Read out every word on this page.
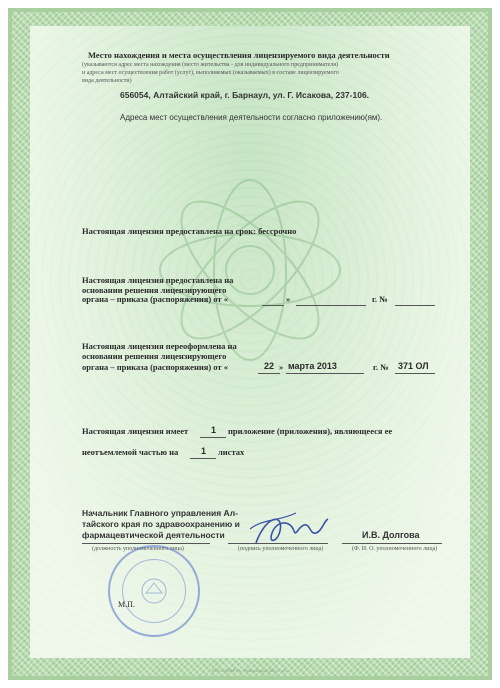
Место нахождения и места осуществления лицензируемого вида деятельности
(указываются адрес места нахождения (место жительства - для индивидуального предпринимателя)
и адреса мест осуществления работ (услуг), выполняемых (оказываемых) в составе лицензируемого
вида деятельности)
656054, Алтайский край, г. Барнаул, ул. Г. Исакова, 237-106.
Адреса мест осуществления деятельности согласно приложению(ям).
Настоящая лицензия предоставлена на срок: бессрочно
Настоящая лицензия предоставлена на
основании решения лицензирующего
органа – приказа (распоряжения) от «	»	г. №
Настоящая лицензия переоформлена на
основании решения лицензирующего
органа – приказа (распоряжения) от «	22 » марта 2013	г. № 371 ОЛ
Настоящая лицензия имеет	1 приложение (приложения), являющееся ее
неотъемлемой частью на	1 листах
Начальник Главного управления Ал-
тайского края по здравоохранению и
фармацевтической деятельности
(должность уполномоченного лица)	(подпись уполномоченного лица)
И.В. Долгова
(Ф. И. О. уполномоченного лица)
М.П.
ЗАО «ОПЦИОН», Новосибирск, 2012 г. «А»
